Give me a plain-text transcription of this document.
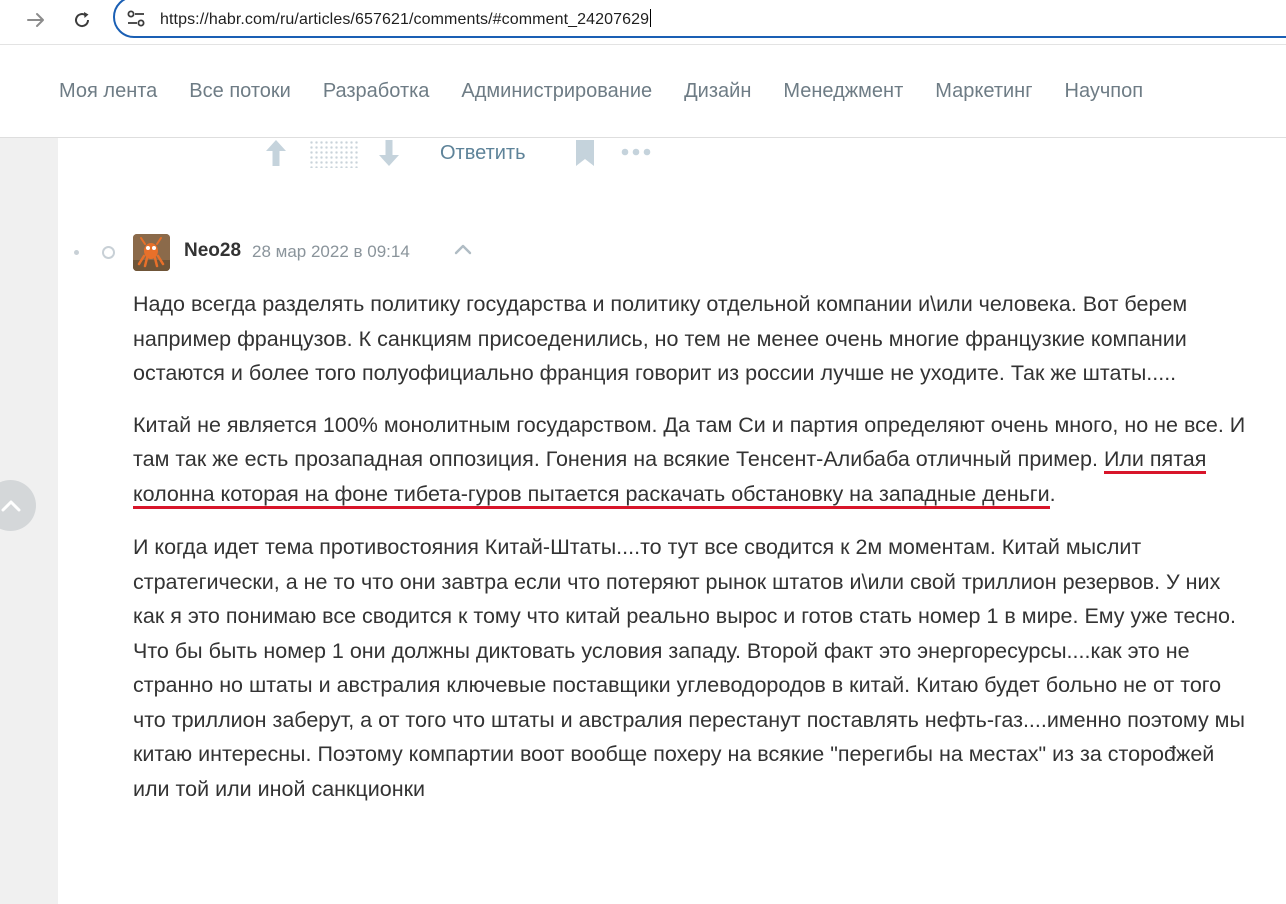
https://habr.com/ru/articles/657621/comments/#comment_24207629
Моя лента Все потоки Разработка Администрирование Дизайн Менеджмент Маркетинг Научпоп
Ответить
Neo28 28 мар 2022 в 09:14

Надо всегда разделять политику государства и политику отдельной компании и\или человека. Вот берем например французов. К санкциям присоеденились, но тем не менее очень многие французкие компании остаются и более того полуофициально франция говорит из россии лучше не уходите. Так же штаты.....

Китай не является 100% монолитным государством. Да там Си и партия определяют очень много, но не все. И там так же есть прозападная оппозиция. Гонения на всякие Тенсент-Алибаба отличный пример. Или пятая колонна которая на фоне тибета-гуров пытается раскачать обстановку на западные деньги.

И когда идет тема противостояния Китай-Штаты....то тут все сводится к 2м моментам. Китай мыслит стратегически, а не то что они завтра если что потеряют рынок штатов и\или свой триллион резервов. У них как я это понимаю все сводится к тому что китай реально вырос и готов стать номер 1 в мире. Ему уже тесно. Что бы быть номер 1 они должны диктовать условия западу. Второй факт это энергоресурсы....как это не странно но штаты и австралия ключевые поставщики углеводородов в китай. Китаю будет больно не от того что триллион заберут, а от того что штаты и австралия перестанут поставлять нефть-газ....именно поэтому мы китаю интересны. Поэтому компартии воот вообще похеру на всякие "перегибы на местах" из за сторođжей или той или иной санкционки
